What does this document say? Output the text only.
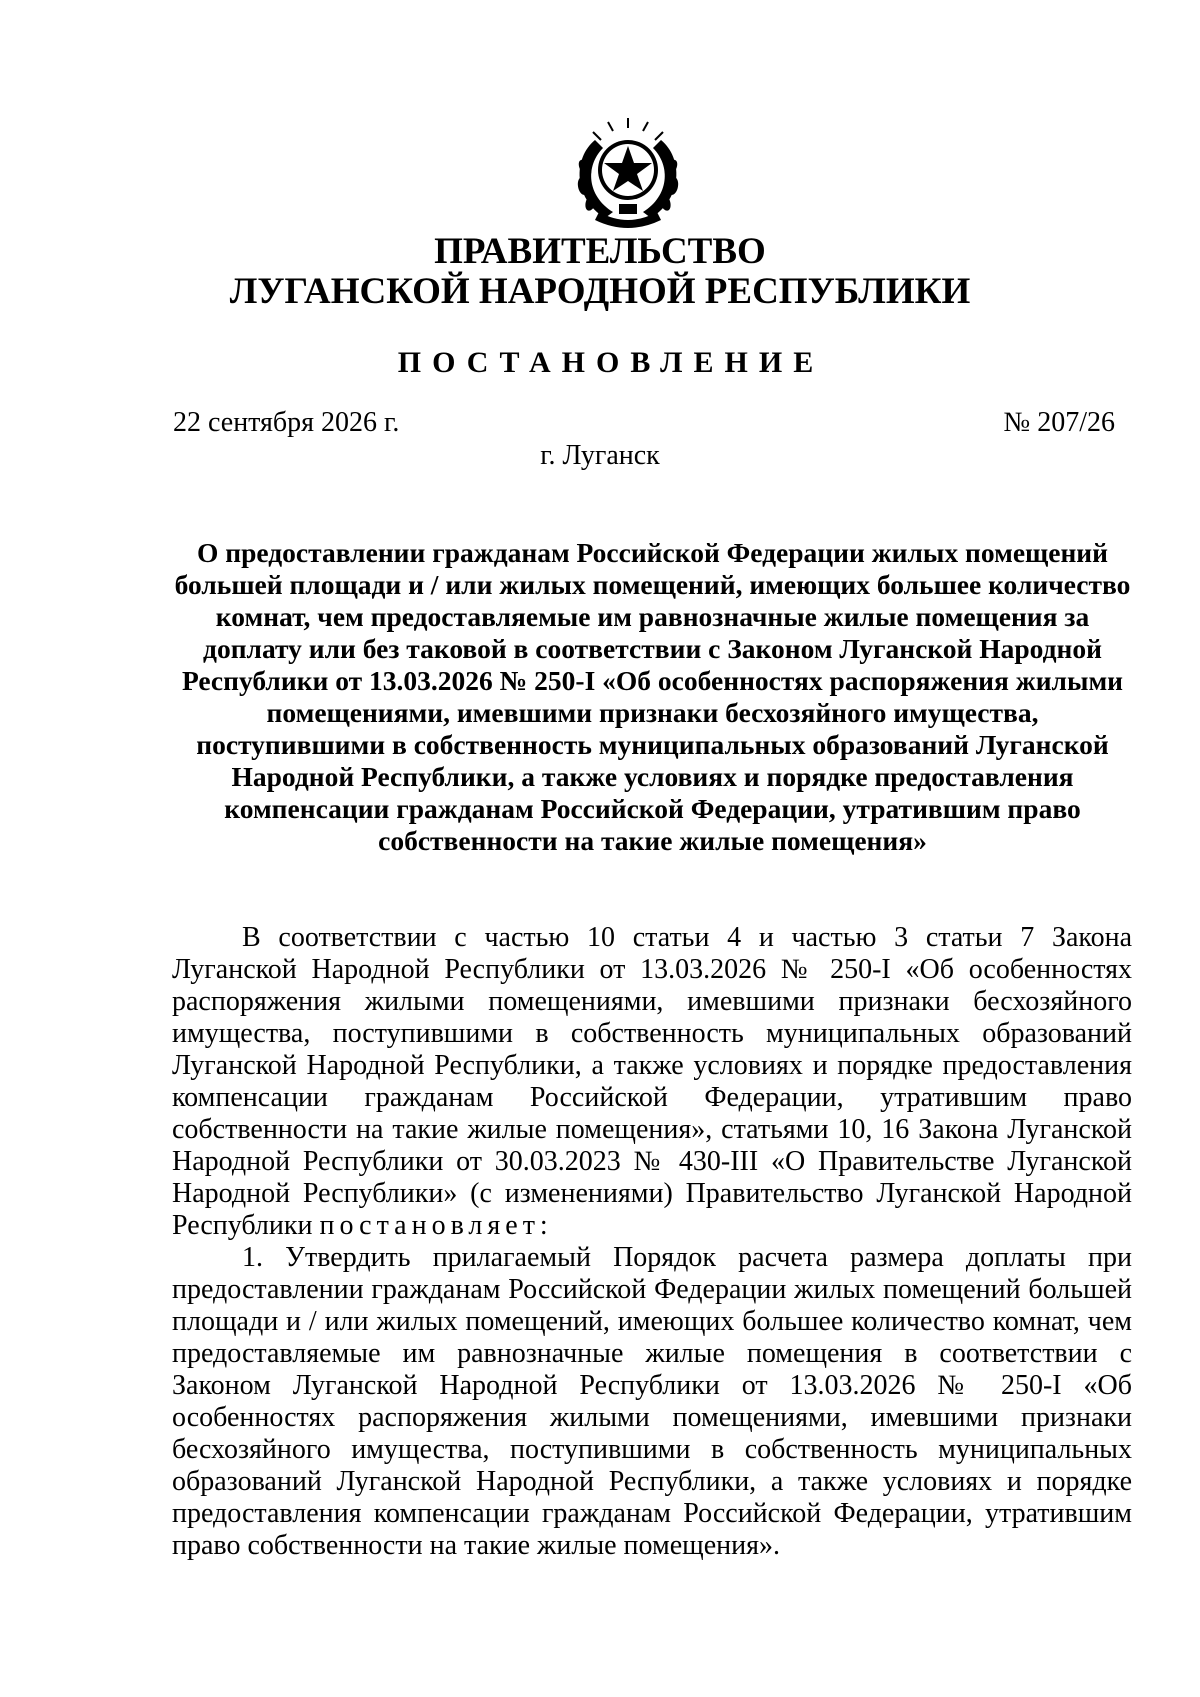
ПРАВИТЕЛЬСТВО
ЛУГАНСКОЙ НАРОДНОЙ РЕСПУБЛИКИ
ПОСТАНОВЛЕНИЕ
22 сентября 2026 г.	№ 207/26
г. Луганск

О предоставлении гражданам Российской Федерации жилых помещений большей площади и / или жилых помещений, имеющих большее количество комнат, чем предоставляемые им равнозначные жилые помещения за доплату или без таковой в соответствии с Законом Луганской Народной Республики от 13.03.2026 № 250-I «Об особенностях распоряжения жилыми помещениями, имевшими признаки бесхозяйного имущества, поступившими в собственность муниципальных образований Луганской Народной Республики, а также условиях и порядке предоставления компенсации гражданам Российской Федерации, утратившим право собственности на такие жилые помещения»

В соответствии с частью 10 статьи 4 и частью 3 статьи 7 Закона Луганской Народной Республики от 13.03.2026 № 250-I «Об особенностях распоряжения жилыми помещениями, имевшими признаки бесхозяйного имущества, поступившими в собственность муниципальных образований Луганской Народной Республики, а также условиях и порядке предоставления компенсации гражданам Российской Федерации, утратившим право собственности на такие жилые помещения», статьями 10, 16 Закона Луганской Народной Республики от 30.03.2023 № 430-III «О Правительстве Луганской Народной Республики» (с изменениями) Правительство Луганской Народной Республики постановляет:

1. Утвердить прилагаемый Порядок расчета размера доплаты при предоставлении гражданам Российской Федерации жилых помещений большей площади и / или жилых помещений, имеющих большее количество комнат, чем предоставляемые им равнозначные жилые помещения в соответствии с Законом Луганской Народной Республики от 13.03.2026 № 250-I «Об особенностях распоряжения жилыми помещениями, имевшими признаки бесхозяйного имущества, поступившими в собственность муниципальных образований Луганской Народной Республики, а также условиях и порядке предоставления компенсации гражданам Российской Федерации, утратившим право собственности на такие жилые помещения».
